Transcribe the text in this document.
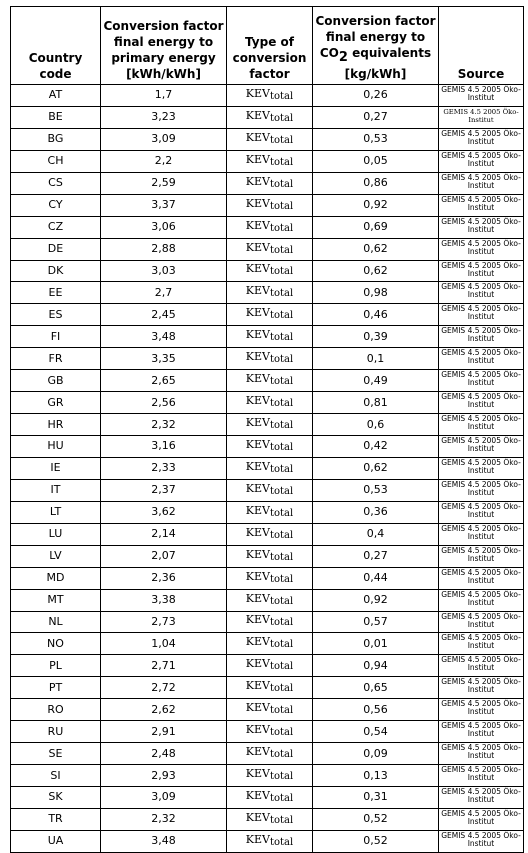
Country code	Conversion factor final energy to primary energy [kWh/kWh]	Type of conversion factor	Conversion factor final energy to CO2 equivalents [kg/kWh]	Source
AT	1,7	$KEV_{total}$	0,26	GEMIS 4.5 2005 Öko-Institut
BE	3,23	$KEV_{total}$	0,27	GEMIS 4.5 2005 Öko-Institut
BG	3,09	$KEV_{total}$	0,53	GEMIS 4.5 2005 Öko-Institut
CH	2,2	$KEV_{total}$	0,05	GEMIS 4.5 2005 Öko-Institut
CS	2,59	$KEV_{total}$	0,86	GEMIS 4.5 2005 Öko-Institut
CY	3,37	$KEV_{total}$	0,92	GEMIS 4.5 2005 Öko-Institut
CZ	3,06	$KEV_{total}$	0,69	GEMIS 4.5 2005 Öko-Institut
DE	2,88	$KEV_{total}$	0,62	GEMIS 4.5 2005 Öko-Institut
DK	3,03	$KEV_{total}$	0,62	GEMIS 4.5 2005 Öko-Institut
EE	2,7	$KEV_{total}$	0,98	GEMIS 4.5 2005 Öko-Institut
ES	2,45	$KEV_{total}$	0,46	GEMIS 4.5 2005 Öko-Institut
FI	3,48	$KEV_{total}$	0,39	GEMIS 4.5 2005 Öko-Institut
FR	3,35	$KEV_{total}$	0,1	GEMIS 4.5 2005 Öko-Institut
GB	2,65	$KEV_{total}$	0,49	GEMIS 4.5 2005 Öko-Institut
GR	2,56	$KEV_{total}$	0,81	GEMIS 4.5 2005 Öko-Institut
HR	2,32	$KEV_{total}$	0,6	GEMIS 4.5 2005 Öko-Institut
HU	3,16	$KEV_{total}$	0,42	GEMIS 4.5 2005 Öko-Institut
IE	2,33	$KEV_{total}$	0,62	GEMIS 4.5 2005 Öko-Institut
IT	2,37	$KEV_{total}$	0,53	GEMIS 4.5 2005 Öko-Institut
LT	3,62	$KEV_{total}$	0,36	GEMIS 4.5 2005 Öko-Institut
LU	2,14	$KEV_{total}$	0,4	GEMIS 4.5 2005 Öko-Institut
LV	2,07	$KEV_{total}$	0,27	GEMIS 4.5 2005 Öko-Institut
MD	2,36	$KEV_{total}$	0,44	GEMIS 4.5 2005 Öko-Institut
MT	3,38	$KEV_{total}$	0,92	GEMIS 4.5 2005 Öko-Institut
NL	2,73	$KEV_{total}$	0,57	GEMIS 4.5 2005 Öko-Institut
NO	1,04	$KEV_{total}$	0,01	GEMIS 4.5 2005 Öko-Institut
PL	2,71	$KEV_{total}$	0,94	GEMIS 4.5 2005 Öko-Institut
PT	2,72	$KEV_{total}$	0,65	GEMIS 4.5 2005 Öko-Institut
RO	2,62	$KEV_{total}$	0,56	GEMIS 4.5 2005 Öko-Institut
RU	2,91	$KEV_{total}$	0,54	GEMIS 4.5 2005 Öko-Institut
SE	2,48	$KEV_{total}$	0,09	GEMIS 4.5 2005 Öko-Institut
SI	2,93	$KEV_{total}$	0,13	GEMIS 4.5 2005 Öko-Institut
SK	3,09	$KEV_{total}$	0,31	GEMIS 4.5 2005 Öko-Institut
TR	2,32	$KEV_{total}$	0,52	GEMIS 4.5 2005 Öko-Institut
UA	3,48	$KEV_{total}$	0,52	GEMIS 4.5 2005 Öko-Institut
